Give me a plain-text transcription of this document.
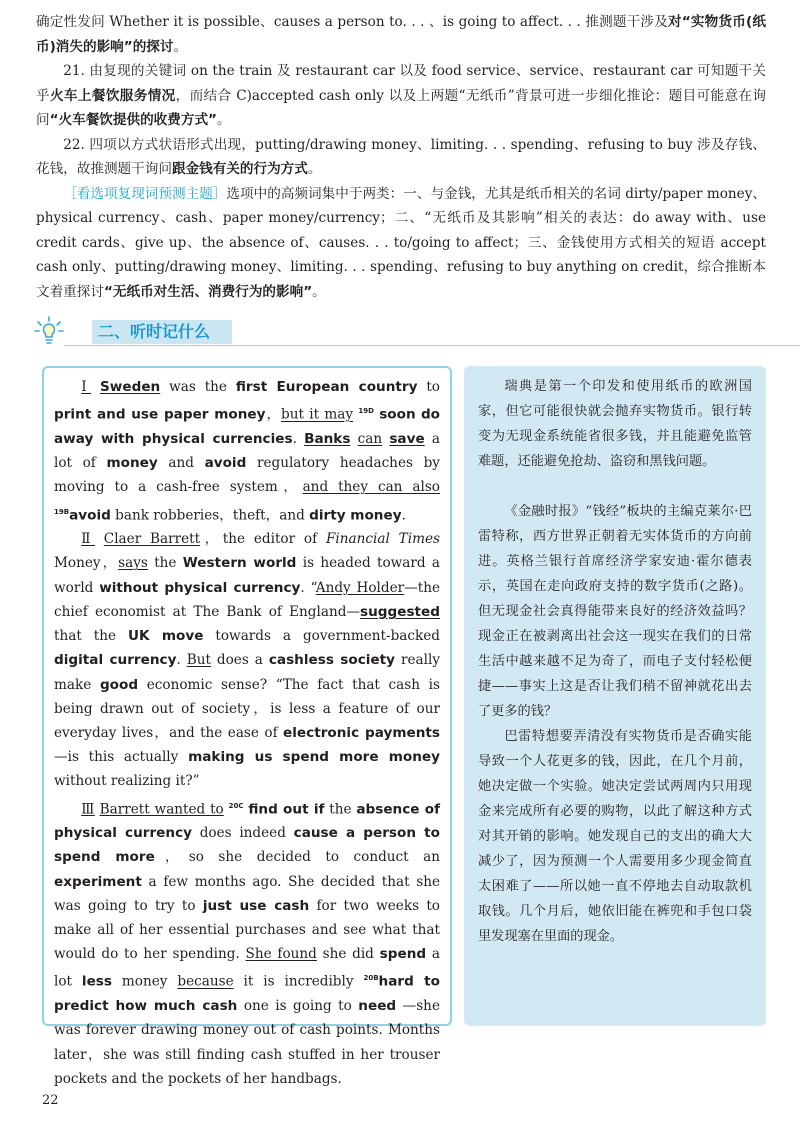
确定性发问 Whether it is possible、causes a person to. . . 、is going to affect. . . 推测题干涉及对“实物货币(纸币)消失的影响”的探讨。

21. 由复现的关键词 on the train 及 restaurant car 以及 food service、service、restaurant car 可知题干关乎火车上餐饮服务情况，而结合 C)accepted cash only 以及上两题“无纸币”背景可进一步细化推论：题目可能意在询问“火车餐饮提供的收费方式”。

22. 四项以方式状语形式出现，putting/drawing money、limiting. . . spending、refusing to buy 涉及存钱、花钱，故推测题干询问跟金钱有关的行为方式。

［看选项复现词预测主题］选项中的高频词集中于两类：一、与金钱，尤其是纸币相关的名词 dirty/paper money、physical currency、cash、paper money/currency；二、“无纸币及其影响”相关的表达：do away with、use credit cards、give up、the absence of、causes. . . to/going to affect；三、金钱使用方式相关的短语 accept cash only、putting/drawing money、limiting. . . spending、refusing to buy anything on credit，综合推断本文着重探讨“无纸币对生活、消费行为的影响”。

二、听时记什么

Ⅰ Sweden was the first European country to print and use paper money，but it may $^{19D}$ soon do away with physical currencies. Banks can save a lot of money and avoid regulatory headaches by moving to a cash-free system，and they can also $^{19B}$avoid bank robberies，theft，and dirty money.

Ⅱ Claer Barrett，the editor of Financial Times Money，says the Western world is headed toward a world without physical currency. “Andy Holder—the chief economist at The Bank of England—suggested that the UK move towards a government-backed digital currency. But does a cashless society really make good economic sense? “The fact that cash is being drawn out of society，is less a feature of our everyday lives，and the ease of electronic payments—is this actually making us spend more money without realizing it?”

Ⅲ Barrett wanted to $^{20C}$ find out if the absence of physical currency does indeed cause a person to spend more，so she decided to conduct an experiment a few months ago. She decided that she was going to try to just use cash for two weeks to make all of her essential purchases and see what that would do to her spending. She found she did spend a lot less money because it is incredibly $^{20B}$hard to predict how much cash one is going to need —she was forever drawing money out of cash points. Months later，she was still finding cash stuffed in her trouser pockets and the pockets of her handbags.

瑞典是第一个印发和使用纸币的欧洲国家，但它可能很快就会抛弃实物货币。银行转变为无现金系统能省很多钱，并且能避免监管难题，还能避免抢劫、盗窃和黑钱问题。

《金融时报》“钱经”板块的主编克莱尔·巴雷特称，西方世界正朝着无实体货币的方向前进。英格兰银行首席经济学家安迪·霍尔德表示，英国在走向政府支持的数字货币(之路)。但无现金社会真得能带来良好的经济效益吗？现金正在被剥离出社会这一现实在我们的日常生活中越来越不足为奇了，而电子支付轻松便捷——事实上这是否让我们稍不留神就花出去了更多的钱？

巴雷特想要弄清没有实物货币是否确实能导致一个人花更多的钱，因此，在几个月前，她决定做一个实验。她决定尝试两周内只用现金来完成所有必要的购物，以此了解这种方式对其开销的影响。她发现自己的支出的确大大减少了，因为预测一个人需要用多少现金简直太困难了——所以她一直不停地去自动取款机取钱。几个月后，她依旧能在裤兜和手包口袋里发现塞在里面的现金。

22
